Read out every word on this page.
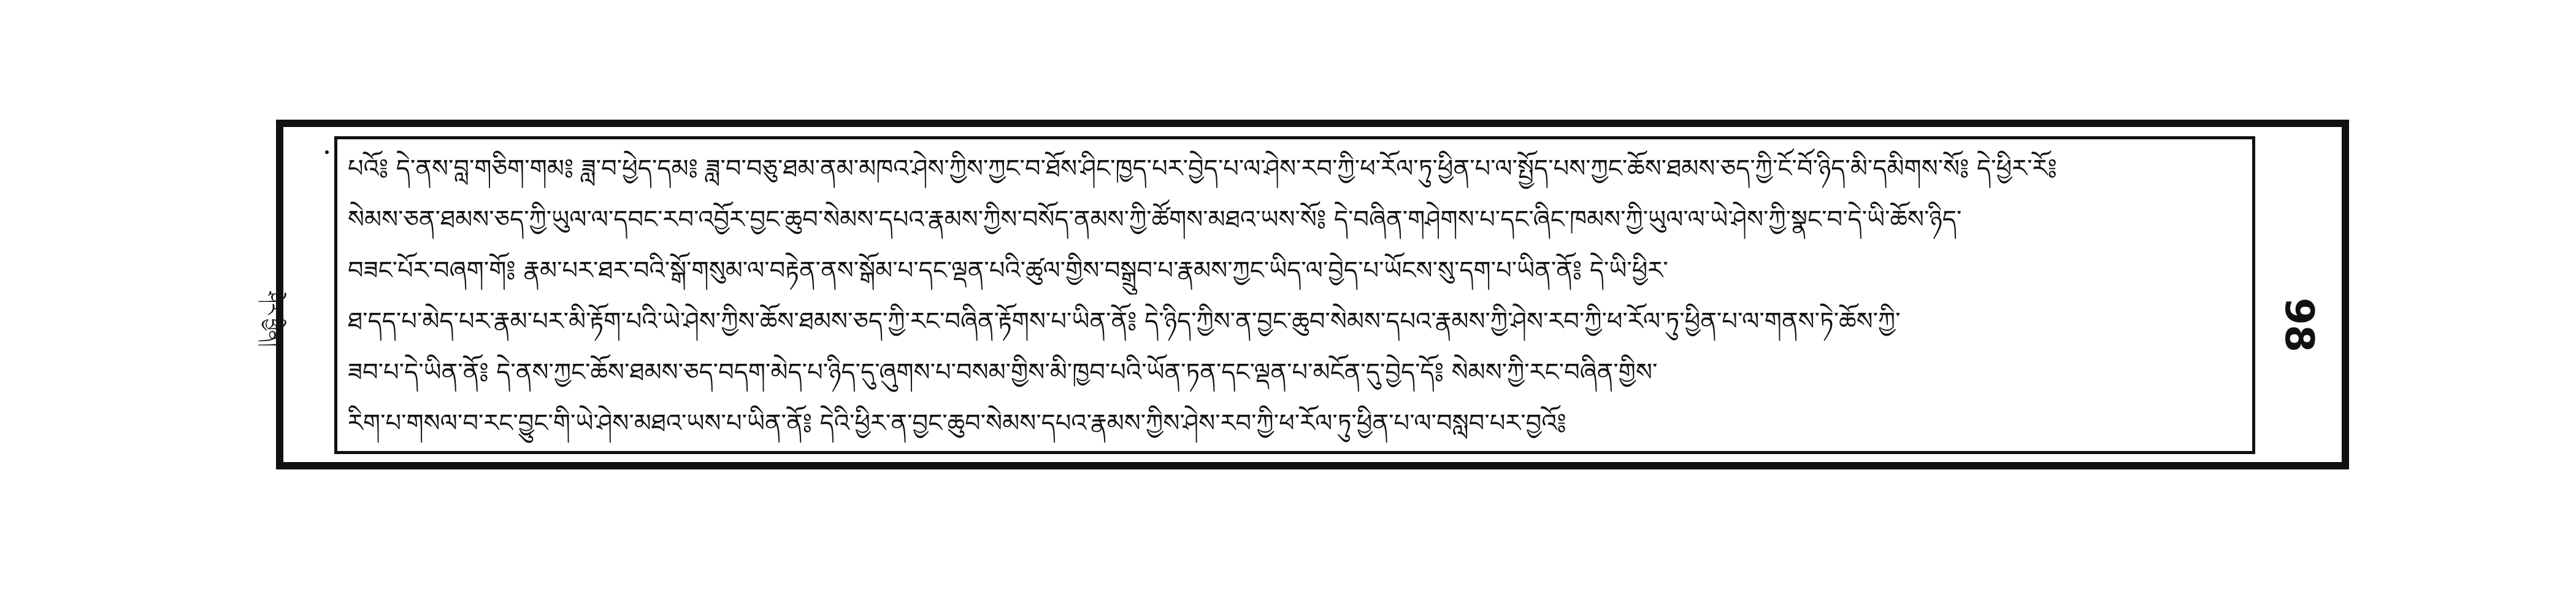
ཤེར་ཕྱིན།	98
པའོ༔ དེ་ནས་བླ་གཅིག་གམ༔ ཟླ་བ་ཕྱེད་དམ༔ ཟླ་བ་བཅུ་ཐམ་ནམ་མཁའ་ཤེས་ཀྱིས་ཀྱང་བ་ཐོས་ཤིང་ཁྱད་པར་བྱེད་པ་ལ་ཤེས་རབ་ཀྱི་ཕ་རོལ་ཏུ་ཕྱིན་པ་ལ་སྤྱོད་པས་ཀྱང་ཆོས་ཐམས་ཅད་ཀྱི་ངོ་བོ་ཉིད་མི་དམིགས་སོ༔ དེ་ཕྱིར་རོ༔
སེམས་ཅན་ཐམས་ཅད་ཀྱི་ཡུལ་ལ་དབང་རབ་འབྱོར་བྱང་ཆུབ་སེམས་དཔའ་རྣམས་ཀྱིས་བསོད་ནམས་ཀྱི་ཚོགས་མཐའ་ཡས་སོ༔ དེ་བཞིན་གཤེགས་པ་དང་ཞིང་ཁམས་ཀྱི་ཡུལ་ལ་ཡེ་ཤེས་ཀྱི་སྣང་བ་དེ་ཡི་ཆོས་ཉིད་
བཟང་པོར་བཞག་གོ༔ རྣམ་པར་ཐར་བའི་སྒོ་གསུམ་ལ་བརྟེན་ནས་སྒོམ་པ་དང་ལྡན་པའི་ཚུལ་གྱིས་བསྒྲུབ་པ་རྣམས་ཀྱང་ཡིད་ལ་བྱེད་པ་ཡོངས་སུ་དག་པ་ཡིན་ནོ༔ དེ་ཡི་ཕྱིར་
ཐ་དད་པ་མེད་པར་རྣམ་པར་མི་རྟོག་པའི་ཡེ་ཤེས་ཀྱིས་ཆོས་ཐམས་ཅད་ཀྱི་རང་བཞིན་རྟོགས་པ་ཡིན་ནོ༔ དེ་ཉིད་ཀྱིས་ན་བྱང་ཆུབ་སེམས་དཔའ་རྣམས་ཀྱི་ཤེས་རབ་ཀྱི་ཕ་རོལ་ཏུ་ཕྱིན་པ་ལ་གནས་ཏེ་ཆོས་ཀྱི་
ཟབ་པ་དེ་ཡིན་ནོ༔ དེ་ནས་ཀྱང་ཆོས་ཐམས་ཅད་བདག་མེད་པ་ཉིད་དུ་ཞུགས་པ་བསམ་གྱིས་མི་ཁྱབ་པའི་ཡོན་ཏན་དང་ལྡན་པ་མངོན་དུ་བྱེད་དོ༔ སེམས་ཀྱི་རང་བཞིན་གྱིས་
རིག་པ་གསལ་བ་རང་བྱུང་གི་ཡེ་ཤེས་མཐའ་ཡས་པ་ཡིན་ནོ༔ དེའི་ཕྱིར་ན་བྱང་ཆུབ་སེམས་དཔའ་རྣམས་ཀྱིས་ཤེས་རབ་ཀྱི་ཕ་རོལ་ཏུ་ཕྱིན་པ་ལ་བསླབ་པར་བྱའོ༔
